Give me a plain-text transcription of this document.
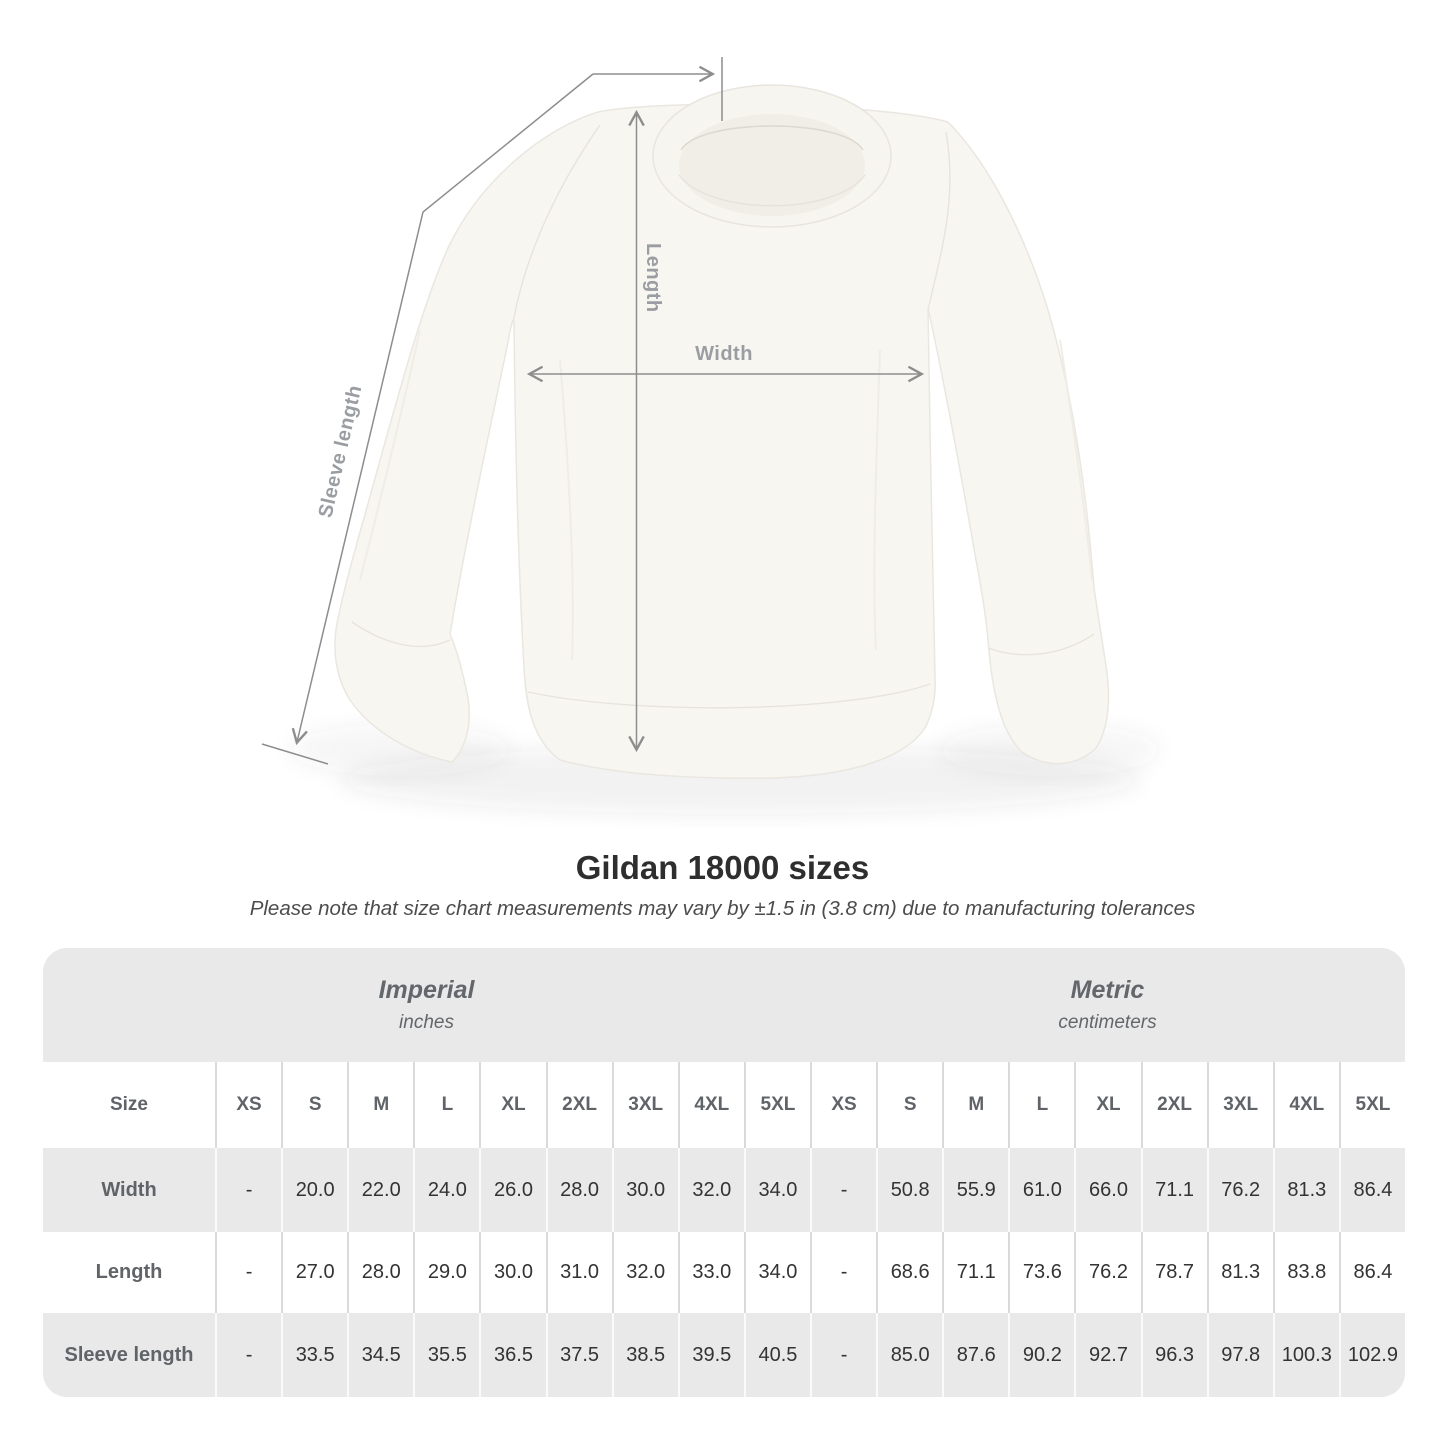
Length
Width
Sleeve length
Gildan 18000 sizes
Please note that size chart measurements may vary by ±1.5 in (3.8 cm) due to manufacturing tolerances
Imperial
inches
Metric
centimeters
Size	XS	S	M	L	XL	2XL	3XL	4XL	5XL	XS	S	M	L	XL	2XL	3XL	4XL	5XL
Width	-	20.0	22.0	24.0	26.0	28.0	30.0	32.0	34.0	-	50.8	55.9	61.0	66.0	71.1	76.2	81.3	86.4
Length	-	27.0	28.0	29.0	30.0	31.0	32.0	33.0	34.0	-	68.6	71.1	73.6	76.2	78.7	81.3	83.8	86.4
Sleeve length	-	33.5	34.5	35.5	36.5	37.5	38.5	39.5	40.5	-	85.0	87.6	90.2	92.7	96.3	97.8	100.3 102.9
